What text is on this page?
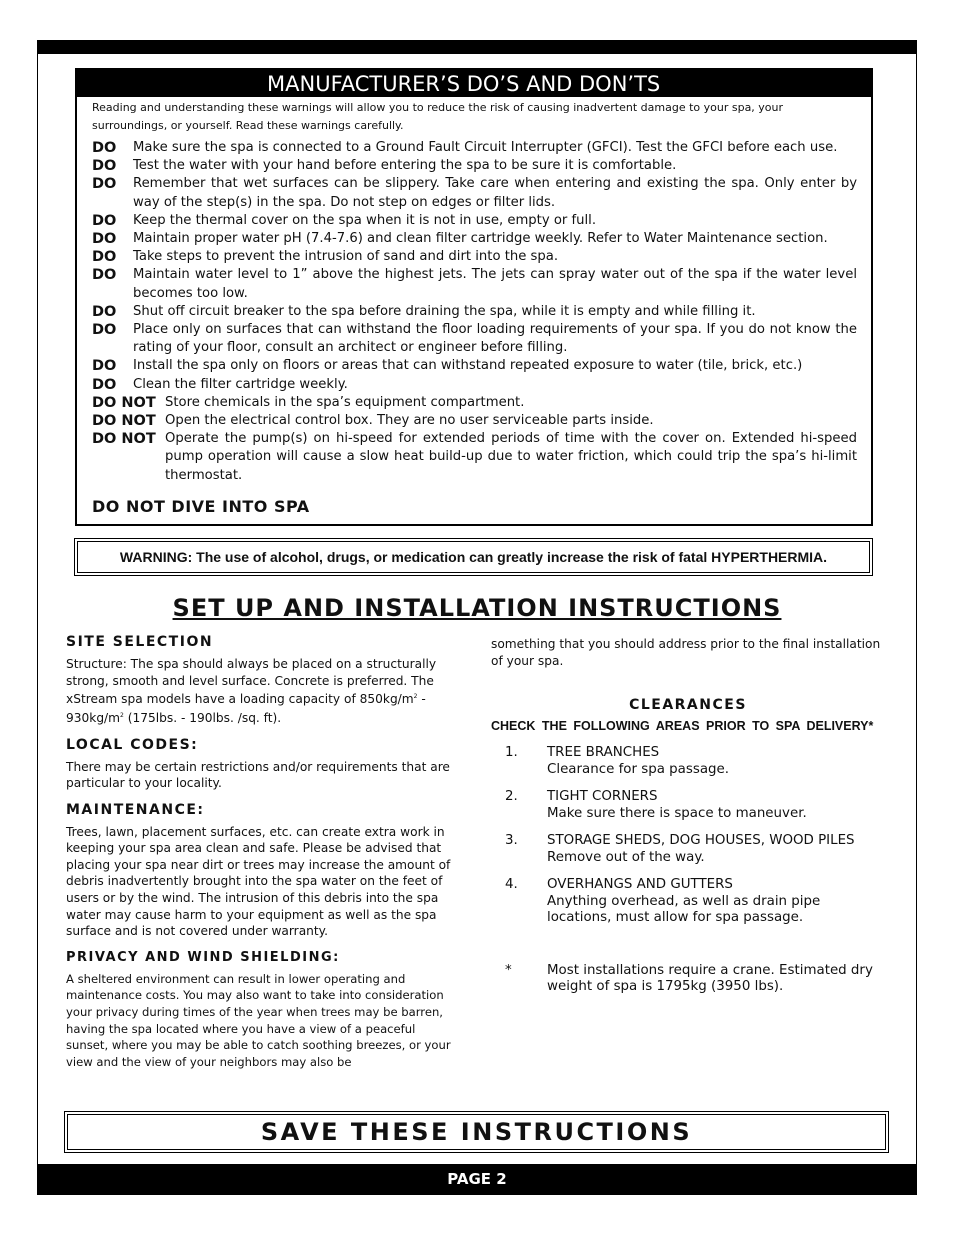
MANUFACTURER’S DO’S AND DON’TS
Reading and understanding these warnings will allow you to reduce the risk of causing inadvertent damage to your spa, your surroundings, or yourself. Read these warnings carefully.
DO	Make sure the spa is connected to a Ground Fault Circuit Interrupter (GFCI). Test the GFCI before each use.
DO	Test the water with your hand before entering the spa to be sure it is comfortable.
DO	Remember that wet surfaces can be slippery. Take care when entering and existing the spa. Only enter by way of the step(s) in the spa. Do not step on edges or filter lids.
DO	Keep the thermal cover on the spa when it is not in use, empty or full.
DO	Maintain proper water pH (7.4-7.6) and clean filter cartridge weekly. Refer to Water Maintenance section.
DO	Take steps to prevent the intrusion of sand and dirt into the spa.
DO	Maintain water level to 1” above the highest jets. The jets can spray water out of the spa if the water level becomes too low.
DO	Shut off circuit breaker to the spa before draining the spa, while it is empty and while filling it.
DO	Place only on surfaces that can withstand the floor loading requirements of your spa. If you do not know the rating of your floor, consult an architect or engineer before filling.
DO	Install the spa only on floors or areas that can withstand repeated exposure to water (tile, brick, etc.)
DO	Clean the filter cartridge weekly.
DO NOT Store chemicals in the spa’s equipment compartment.
DO NOT Open the electrical control box. They are no user serviceable parts inside.
DO NOT Operate the pump(s) on hi-speed for extended periods of time with the cover on. Extended hi-speed pump operation will cause a slow heat build-up due to water friction, which could trip the spa’s hi-limit thermostat.
DO NOT DIVE INTO SPA
WARNING: The use of alcohol, drugs, or medication can greatly increase the risk of fatal HYPERTHERMIA.
SET UP AND INSTALLATION INSTRUCTIONS
SITE SELECTION
Structure: The spa should always be placed on a structurally strong, smooth and level surface. Concrete is preferred. The xStream spa models have a loading capacity of $850kg/m^2 - 930kg/m^2$ (175lbs. - 190lbs. /sq. ft).
LOCAL CODES:
There may be certain restrictions and/or requirements that are particular to your locality.
MAINTENANCE:
Trees, lawn, placement surfaces, etc. can create extra work in keeping your spa area clean and safe. Please be advised that placing your spa near dirt or trees may increase the amount of debris inadvertently brought into the spa water on the feet of users or by the wind. The intrusion of this debris into the spa water may cause harm to your equipment as well as the spa surface and is not covered under warranty.
PRIVACY AND WIND SHIELDING:
A sheltered environment can result in lower operating and maintenance costs. You may also want to take into consideration your privacy during times of the year when trees may be barren, having the spa located where you have a view of a peaceful sunset, where you may be able to catch soothing breezes, or your view and the view of your neighbors may also be
something that you should address prior to the final installation of your spa.
CLEARANCES
CHECK THE FOLLOWING AREAS PRIOR TO SPA DELIVERY*
1.	TREE BRANCHES
Clearance for spa passage.
2.	TIGHT CORNERS
Make sure there is space to maneuver.
3.	STORAGE SHEDS, DOG HOUSES, WOOD PILES
Remove out of the way.
4.	OVERHANGS AND GUTTERS
Anything overhead, as well as drain pipe locations, must allow for spa passage.
*	Most installations require a crane. Estimated dry weight of spa is 1795kg (3950 lbs).
SAVE THESE INSTRUCTIONS
PAGE 2
